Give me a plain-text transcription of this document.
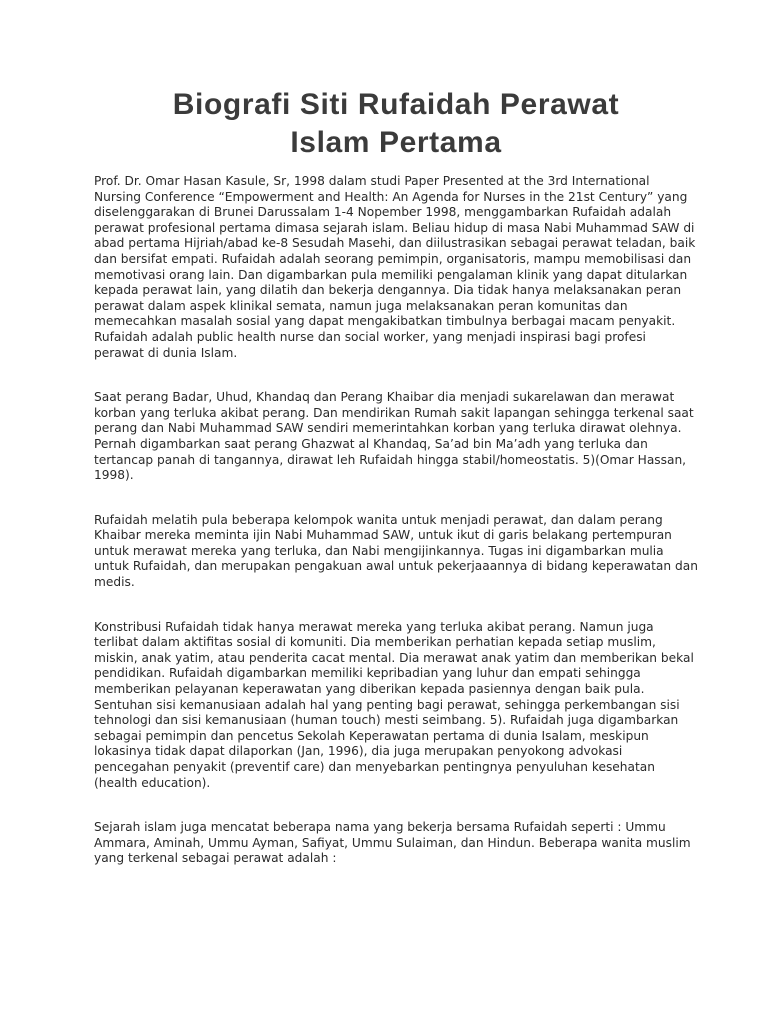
Biografi Siti Rufaidah Perawat
Islam Pertama

Prof. Dr. Omar Hasan Kasule, Sr, 1998 dalam studi Paper Presented at the 3rd International Nursing Conference “Empowerment and Health: An Agenda for Nurses in the 21st Century” yang diselenggarakan di Brunei Darussalam 1-4 Nopember 1998, menggambarkan Rufaidah adalah perawat profesional pertama dimasa sejarah islam. Beliau hidup di masa Nabi Muhammad SAW di abad pertama Hijriah/abad ke-8 Sesudah Masehi, dan diilustrasikan sebagai perawat teladan, baik dan bersifat empati. Rufaidah adalah seorang pemimpin, organisatoris, mampu memobilisasi dan memotivasi orang lain. Dan digambarkan pula memiliki pengalaman klinik yang dapat ditularkan kepada perawat lain, yang dilatih dan bekerja dengannya. Dia tidak hanya melaksanakan peran perawat dalam aspek klinikal semata, namun juga melaksanakan peran komunitas dan memecahkan masalah sosial yang dapat mengakibatkan timbulnya berbagai macam penyakit. Rufaidah adalah public health nurse dan social worker, yang menjadi inspirasi bagi profesi perawat di dunia Islam.

Saat perang Badar, Uhud, Khandaq dan Perang Khaibar dia menjadi sukarelawan dan merawat korban yang terluka akibat perang. Dan mendirikan Rumah sakit lapangan sehingga terkenal saat perang dan Nabi Muhammad SAW sendiri memerintahkan korban yang terluka dirawat olehnya. Pernah digambarkan saat perang Ghazwat al Khandaq, Sa’ad bin Ma’adh yang terluka dan tertancap panah di tangannya, dirawat leh Rufaidah hingga stabil/homeostatis. 5)(Omar Hassan, 1998).

Rufaidah melatih pula beberapa kelompok wanita untuk menjadi perawat, dan dalam perang Khaibar mereka meminta ijin Nabi Muhammad SAW, untuk ikut di garis belakang pertempuran untuk merawat mereka yang terluka, dan Nabi mengijinkannya. Tugas ini digambarkan mulia untuk Rufaidah, dan merupakan pengakuan awal untuk pekerjaaannya di bidang keperawatan dan medis.

Konstribusi Rufaidah tidak hanya merawat mereka yang terluka akibat perang. Namun juga terlibat dalam aktifitas sosial di komuniti. Dia memberikan perhatian kepada setiap muslim, miskin, anak yatim, atau penderita cacat mental. Dia merawat anak yatim dan memberikan bekal pendidikan. Rufaidah digambarkan memiliki kepribadian yang luhur dan empati sehingga memberikan pelayanan keperawatan yang diberikan kepada pasiennya dengan baik pula. Sentuhan sisi kemanusiaan adalah hal yang penting bagi perawat, sehingga perkembangan sisi tehnologi dan sisi kemanusiaan (human touch) mesti seimbang. 5). Rufaidah juga digambarkan sebagai pemimpin dan pencetus Sekolah Keperawatan pertama di dunia Isalam, meskipun lokasinya tidak dapat dilaporkan (Jan, 1996), dia juga merupakan penyokong advokasi pencegahan penyakit (preventif care) dan menyebarkan pentingnya penyuluhan kesehatan (health education).

Sejarah islam juga mencatat beberapa nama yang bekerja bersama Rufaidah seperti : Ummu Ammara, Aminah, Ummu Ayman, Safiyat, Ummu Sulaiman, dan Hindun. Beberapa wanita muslim yang terkenal sebagai perawat adalah :
